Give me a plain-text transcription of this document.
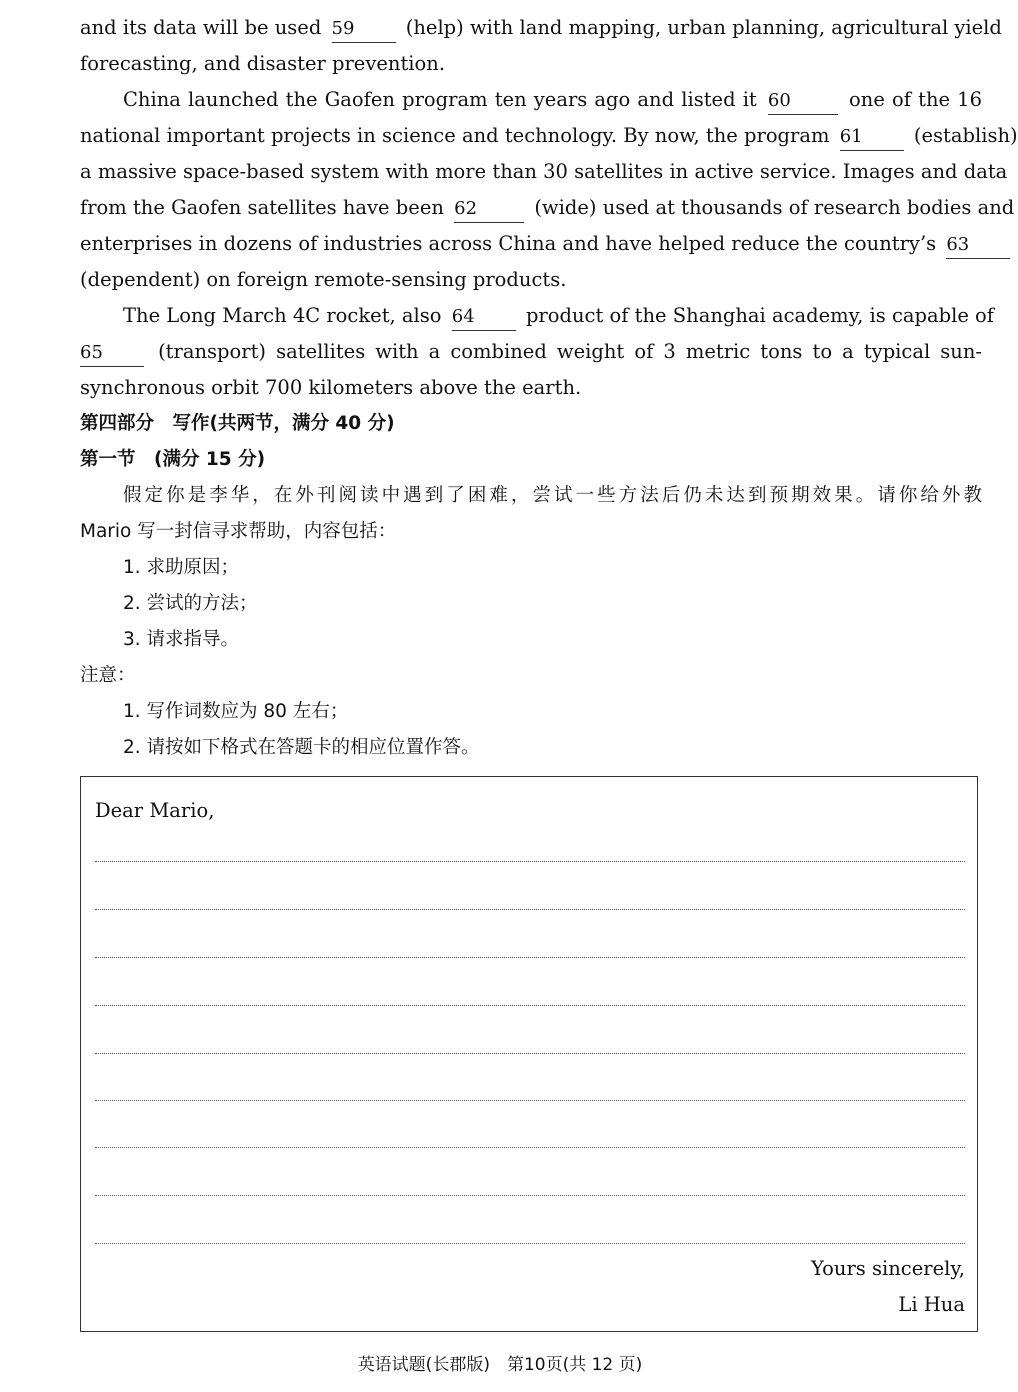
and its data will be used 59	(help) with land mapping, urban planning, agricultural yield
forecasting, and disaster prevention.
China launched the Gaofen program ten years ago and listed it 60	one of the 16
national important projects in science and technology. By now, the program 61	(establish)
a massive space-based system with more than 30 satellites in active service. Images and data
from the Gaofen satellites have been 62	(wide) used at thousands of research bodies and
enterprises in dozens of industries across China and have helped reduce the country’s 63
(dependent) on foreign remote-sensing products.
The Long March 4C rocket, also 64	product of the Shanghai academy, is capable of
65	(transport) satellites with a combined weight of 3 metric tons to a typical sun-
synchronous orbit 700 kilometers above the earth.
第四部分　写作(共两节，满分 40 分)
第一节　(满分 15 分)
假定你是李华，在外刊阅读中遇到了困难，尝试一些方法后仍未达到预期效果。请你给外教
Mario 写一封信寻求帮助，内容包括：
1. 求助原因；
2. 尝试的方法；
3. 请求指导。
注意：
1. 写作词数应为 80 左右；
2. 请按如下格式在答题卡的相应位置作答。
Dear Mario,
Yours sincerely,
Li Hua
英语试题(长郡版)　第10页(共 12 页)
